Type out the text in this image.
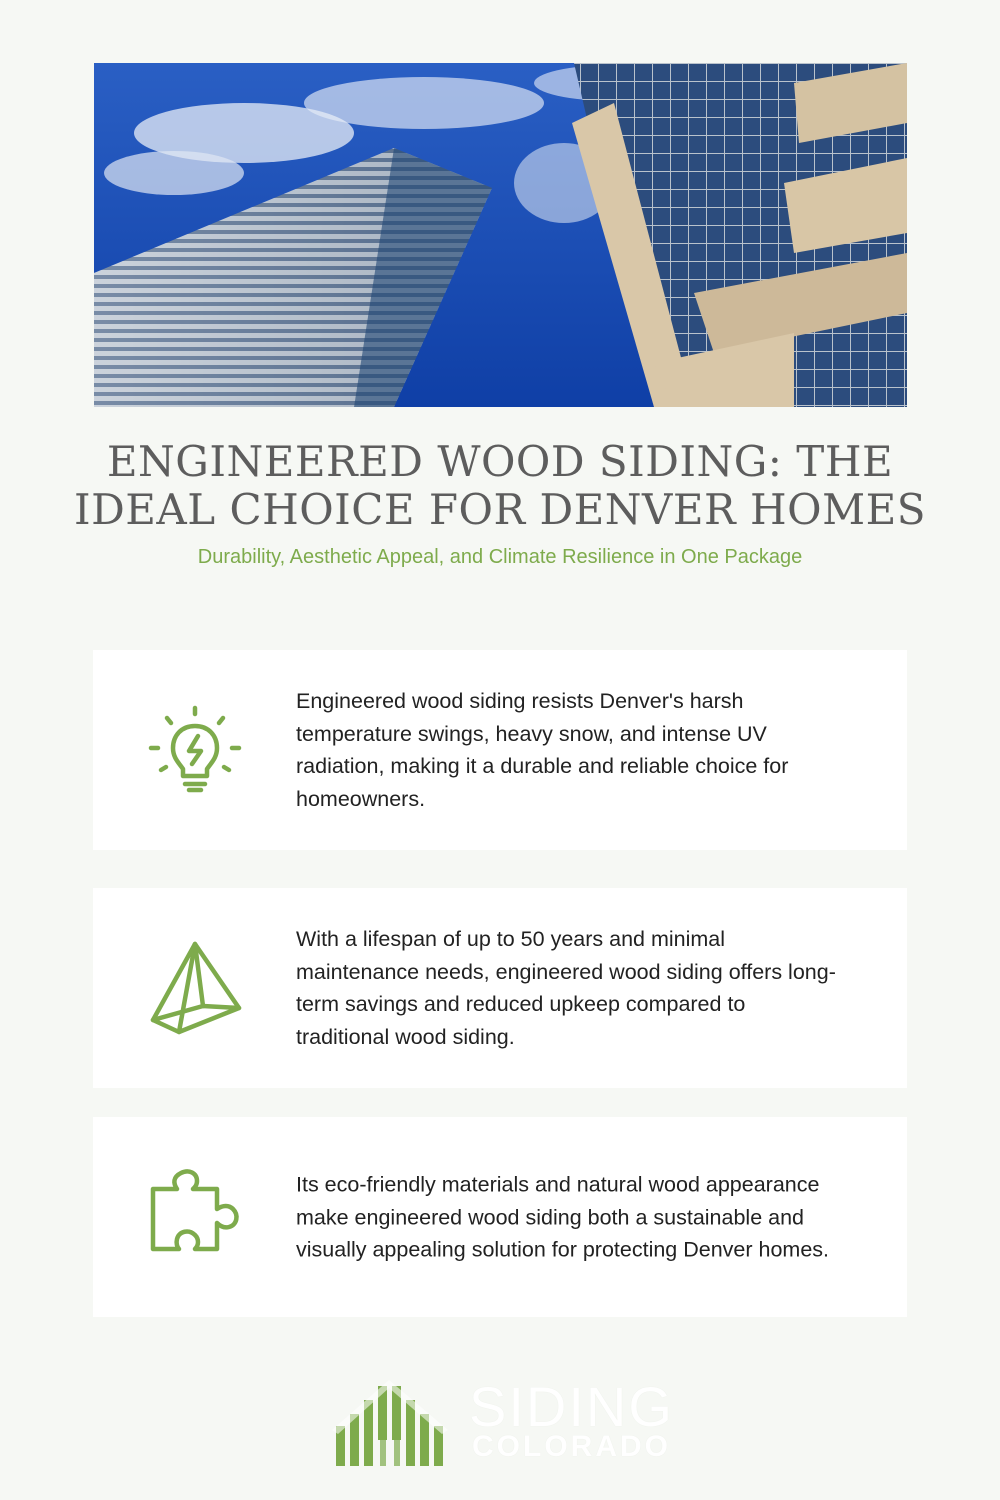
ENGINEERED WOOD SIDING: THE IDEAL CHOICE FOR DENVER HOMES

Durability, Aesthetic Appeal, and Climate Resilience in One Package

Engineered wood siding resists Denver's harsh temperature swings, heavy snow, and intense UV radiation, making it a durable and reliable choice for homeowners.

With a lifespan of up to 50 years and minimal maintenance needs, engineered wood siding offers long-term savings and reduced upkeep compared to traditional wood siding.

Its eco-friendly materials and natural wood appearance make engineered wood siding both a sustainable and visually appealing solution for protecting Denver homes.

SIDING
COLORADO
